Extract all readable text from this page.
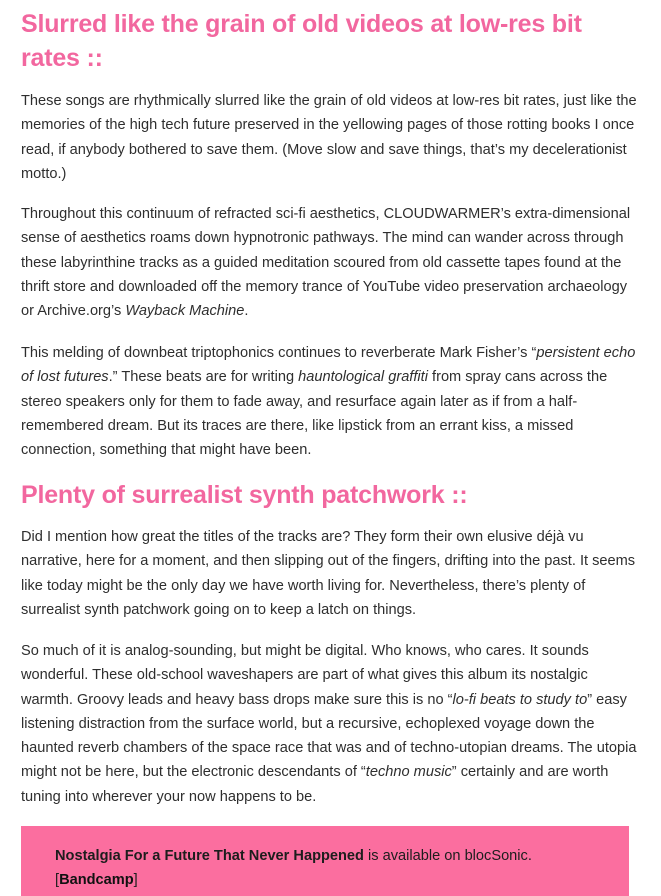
Slurred like the grain of old videos at low-res bit rates ::

These songs are rhythmically slurred like the grain of old videos at low-res bit rates, just like the memories of the high tech future preserved in the yellowing pages of those rotting books I once read, if anybody bothered to save them. (Move slow and save things, that’s my decelerationist motto.)

Throughout this continuum of refracted sci-fi aesthetics, CLOUDWARMER’s extra-dimensional sense of aesthetics roams down hypnotronic pathways. The mind can wander across through these labyrinthine tracks as a guided meditation scoured from old cassette tapes found at the thrift store and downloaded off the memory trance of YouTube video preservation archaeology or Archive.org’s Wayback Machine.

This melding of downbeat triptophonics continues to reverberate Mark Fisher’s “persistent echo of lost futures.” These beats are for writing hauntological graffiti from spray cans across the stereo speakers only for them to fade away, and resurface again later as if from a half-remembered dream. But its traces are there, like lipstick from an errant kiss, a missed connection, something that might have been.

Plenty of surrealist synth patchwork ::

Did I mention how great the titles of the tracks are? They form their own elusive déjà vu narrative, here for a moment, and then slipping out of the fingers, drifting into the past. It seems like today might be the only day we have worth living for. Nevertheless, there’s plenty of surrealist synth patchwork going on to keep a latch on things.

So much of it is analog-sounding, but might be digital. Who knows, who cares. It sounds wonderful. These old-school waveshapers are part of what gives this album its nostalgic warmth. Groovy leads and heavy bass drops make sure this is no “lo-fi beats to study to” easy listening distraction from the surface world, but a recursive, echoplexed voyage down the haunted reverb chambers of the space race that was and of techno-utopian dreams. The utopia might not be here, but the electronic descendants of “techno music” certainly and are worth tuning into wherever your now happens to be.

Nostalgia For a Future That Never Happened is available on blocSonic.
[Bandcamp]
